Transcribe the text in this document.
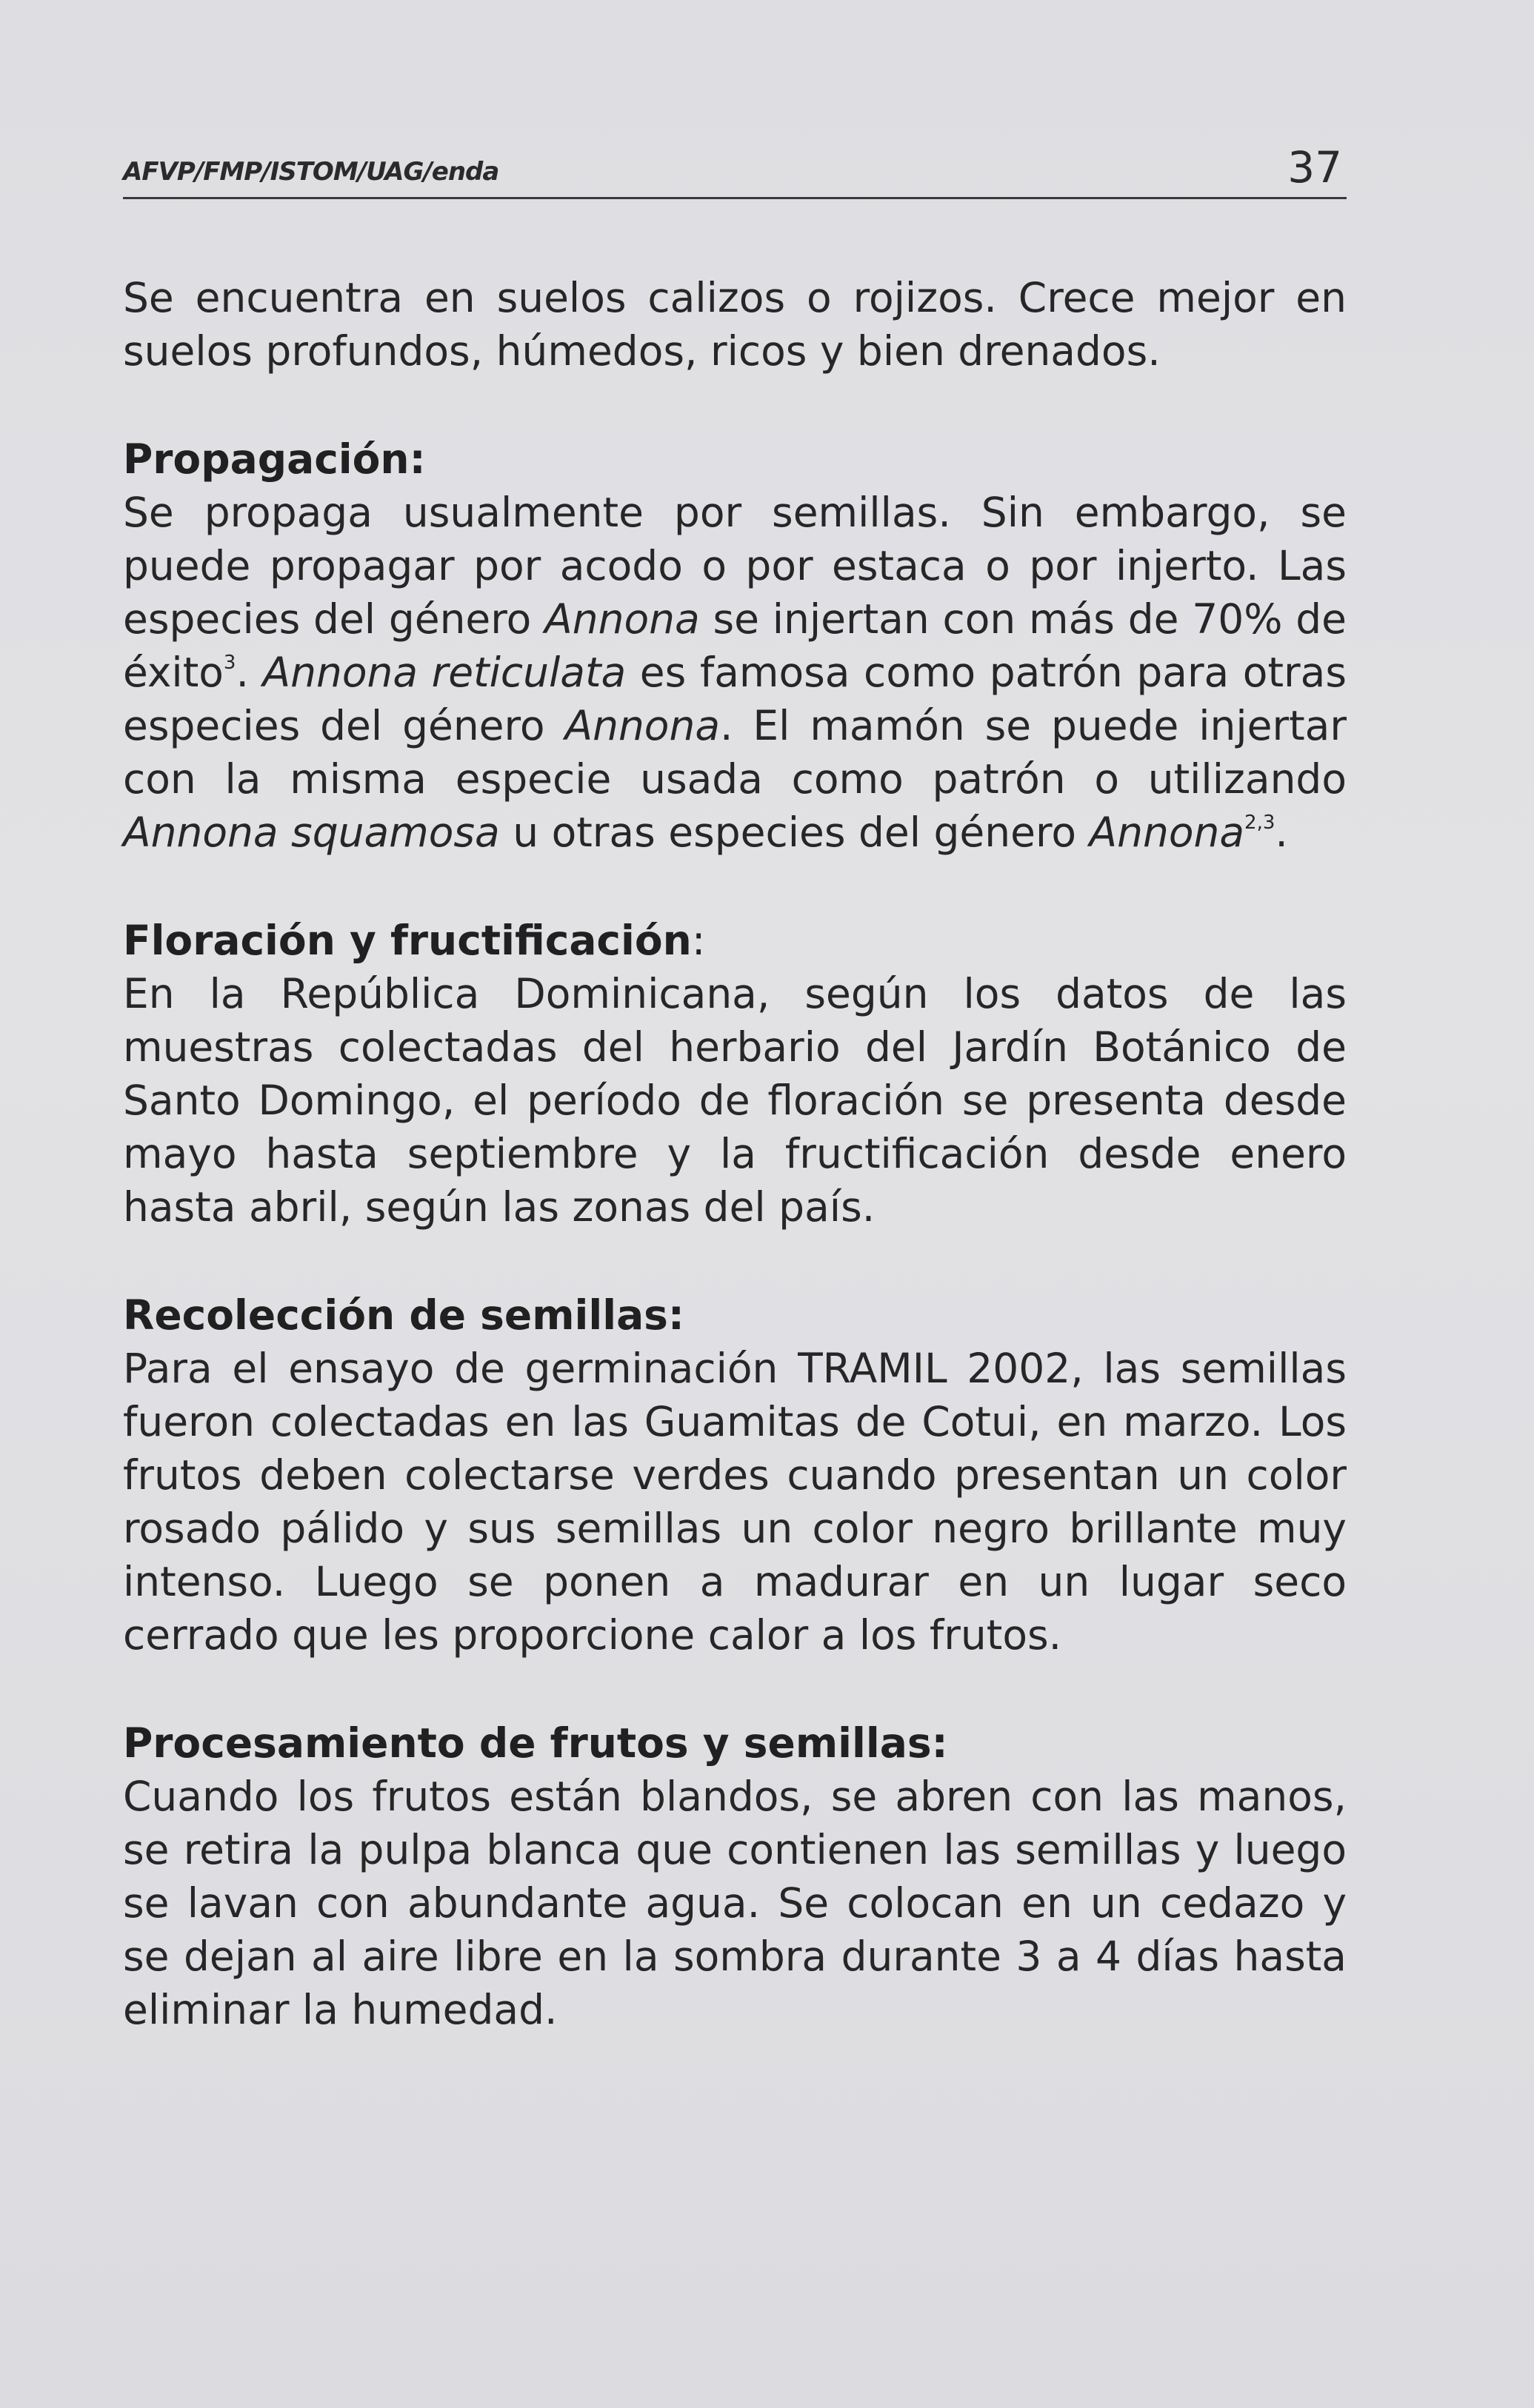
AFVP/FMP/ISTOM/UAG/enda	37

Se encuentra en suelos calizos o rojizos. Crece mejor en suelos profundos, húmedos, ricos y bien drenados.

Propagación:

Se propaga usualmente por semillas. Sin embargo, se puede propagar por acodo o por estaca o por injerto. Las especies del género Annona se injertan con más de 70% de éxito$^3$. Annona reticulata es famosa como patrón para otras especies del género Annona. El mamón se puede injertar con la misma especie usada como patrón o utilizando Annona squamosa u otras especies del género Annona$^{2,3}$.

Floración y fructificación:

En la República Dominicana, según los datos de las muestras colectadas del herbario del Jardín Botánico de Santo Domingo, el período de floración se presenta desde mayo hasta septiembre y la fructificación desde enero hasta abril, según las zonas del país.

Recolección de semillas:

Para el ensayo de germinación TRAMIL 2002, las semillas fueron colectadas en las Guamitas de Cotui, en marzo. Los frutos deben colectarse verdes cuando presentan un color rosado pálido y sus semillas un color negro brillante muy intenso. Luego se ponen a madurar en un lugar seco cerrado que les proporcione calor a los frutos.

Procesamiento de frutos y semillas:

Cuando los frutos están blandos, se abren con las manos, se retira la pulpa blanca que contienen las semillas y luego se lavan con abundante agua. Se colocan en un cedazo y se dejan al aire libre en la sombra durante 3 a 4 días hasta eliminar la humedad.
